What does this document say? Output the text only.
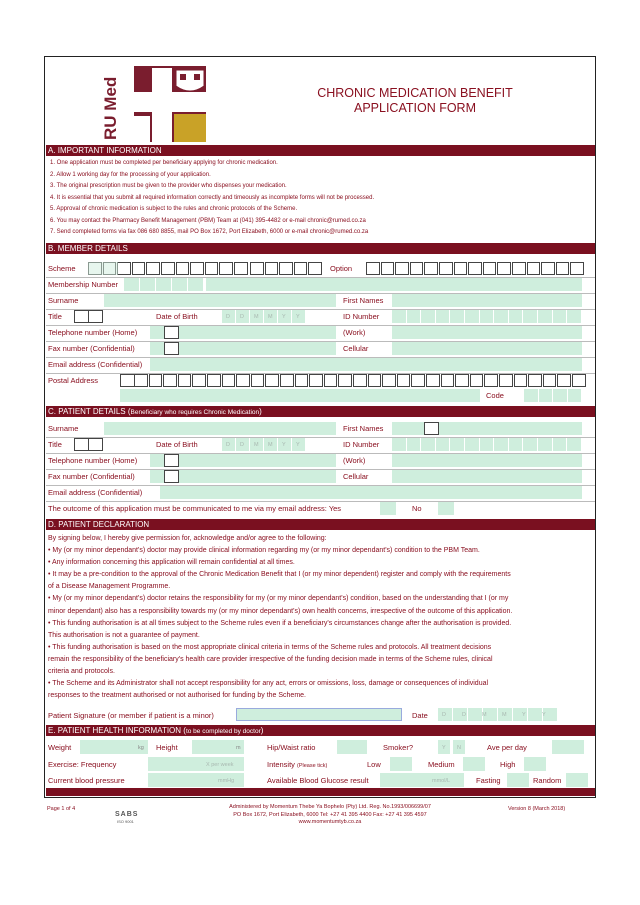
RU Med	CHRONIC MEDICATION BENEFIT
APPLICATION FORM
A. IMPORTANT INFORMATION
1. One application must be completed per beneficiary applying for chronic medication.
2. Allow 1 working day for the processing of your application.
3. The original prescription must be given to the provider who dispenses your medication.
4. It is essential that you submit all required information correctly and timeously as incomplete forms will not be processed.
5. Approval of chronic medication is subject to the rules and chronic protocols of the Scheme.
6. You may contact the Pharmacy Benefit Management (PBM) Team at (041) 395-4482 or e-mail chronic@rumed.co.za
7. Send completed forms via fax 086 680 8855, mail PO Box 1672, Port Elizabeth, 6000 or e-mail chronic@rumed.co.za
B. MEMBER DETAILS
Scheme	Option
Membership Number
Surname	First Names
Title	Date of Birth	D D M M Y Y	ID Number
Telephone number (Home)	(Work)
Fax number (Confidential)	Cellular
Email address (Confidential)
Postal Address
Code
C. PATIENT DETAILS (Beneficiary who requires Chronic Medication)
Surname	First Names
Title	Date of Birth	D D M M Y Y	ID Number
Telephone number (Home)	(Work)
Fax number (Confidential)	Cellular
Email address (Confidential)
The outcome of this application must be communicated to me via my email address: Yes	No
D. PATIENT DECLARATION
By signing below, I hereby give permission for, acknowledge and/or agree to the following:
• My (or my minor dependant's) doctor may provide clinical information regarding my (or my minor dependant's) condition to the PBM Team.
• Any information concerning this application will remain confidential at all times.
• It may be a pre-condition to the approval of the Chronic Medication Benefit that I (or my minor dependent) register and comply with the requirements
of a Disease Management Programme.
• My (or my minor dependant's) doctor retains the responsibility for my (or my minor dependant's) condition, based on the understanding that I (or my
minor dependant) also has a responsibility towards my (or my minor dependant's) own health concerns, irrespective of the outcome of this application.
• This funding authorisation is at all times subject to the Scheme rules even if a beneficiary's circumstances change after the authorisation is provided.
This authorisation is not a guarantee of payment.
• This funding authorisation is based on the most appropriate clinical criteria in terms of the Scheme rules and protocols. All treatment decisions
remain the responsibility of the beneficiary's health care provider irrespective of the funding decision made in terms of the Scheme rules, clinical
criteria and protocols.
• The Scheme and its Administrator shall not accept responsibility for any act, errors or omissions, loss, damage or consequences of individual
responses to the treatment authorised or not authorised for funding by the Scheme.
Patient Signature (or member if patient is a minor)	Date	D	D	M	M	Y	Y
E. PATIENT HEALTH INFORMATION (to be completed by doctor)
Weight	kg Height	m	Hip/Waist ratio	Smoker?	Y N	Ave per day
Exercise: Frequency	X per week	Intensity (Please tick)	Low	Medium	High
Current blood pressure	mmHg	Available Blood Glucose result	mmol/L	Fasting	Random
Page 1 of 4
SABS
ISO 9001
Administered by Momentum Thebe Ya Bophelo (Pty) Ltd. Reg. No.1993/006699/07
PO Box 1672, Port Elizabeth, 6000 Tel: +27 41 395 4400 Fax: +27 41 395 4597
www.momentumtyb.co.za
Version 8 (March 2018)
